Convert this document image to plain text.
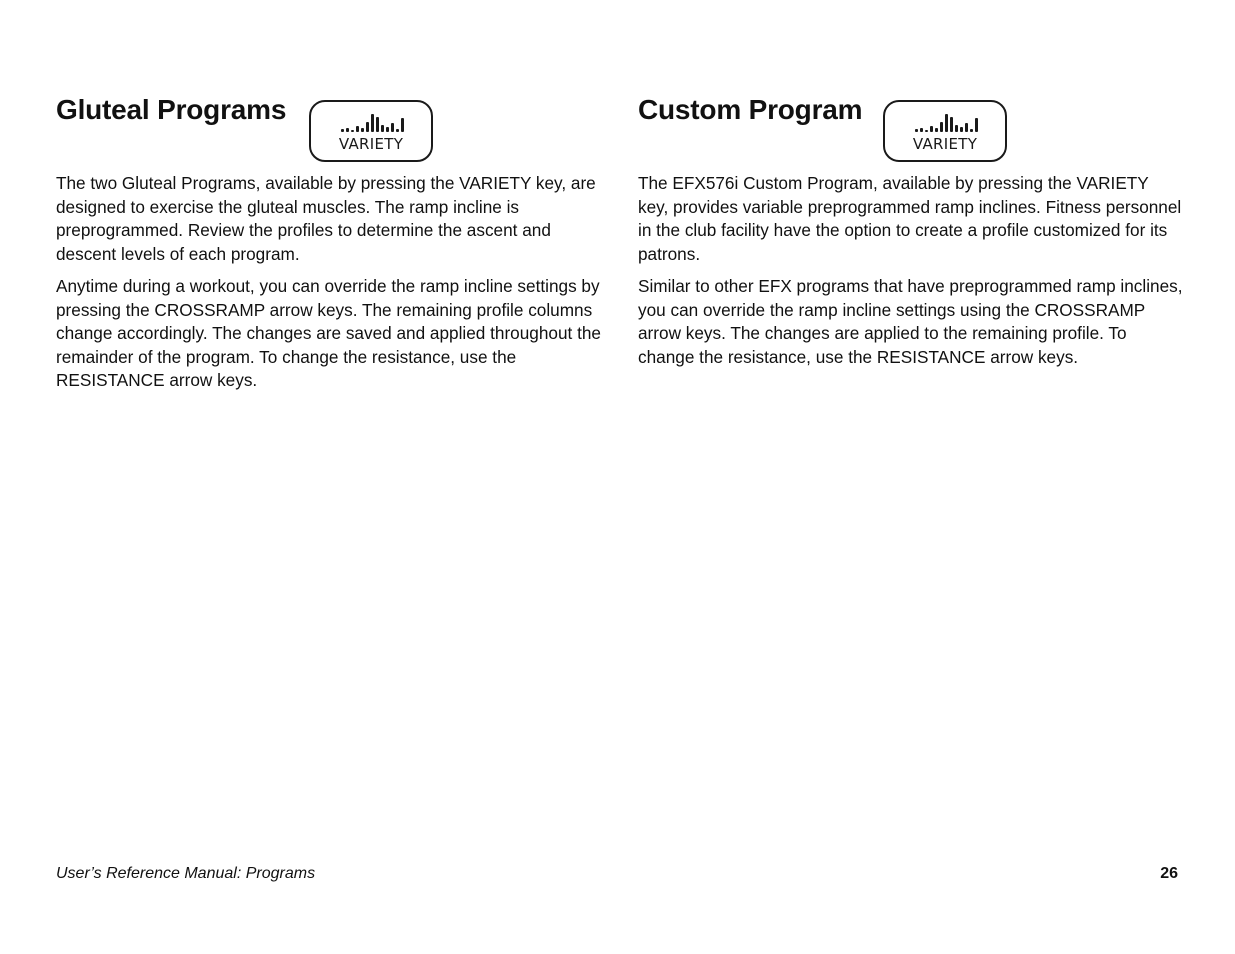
Gluteal Programs
VARIETY

The two Gluteal Programs, available by pressing the VARIETY key, are designed to exercise the gluteal muscles. The ramp incline is preprogrammed. Review the profiles to determine the ascent and descent levels of each program.

Anytime during a workout, you can override the ramp incline settings by pressing the CROSSRAMP arrow keys. The remaining profile columns change accordingly. The changes are saved and applied throughout the remainder of the program. To change the resistance, use the RESISTANCE arrow keys.

Custom Program
VARIETY

The EFX576i Custom Program, available by pressing the VARIETY key, provides variable preprogrammed ramp inclines. Fitness personnel in the club facility have the option to create a profile customized for its patrons.

Similar to other EFX programs that have preprogrammed ramp inclines, you can override the ramp incline settings using the CROSSRAMP arrow keys. The changes are applied to the remaining profile. To change the resistance, use the RESISTANCE arrow keys.

User’s Reference Manual: Programs	26
